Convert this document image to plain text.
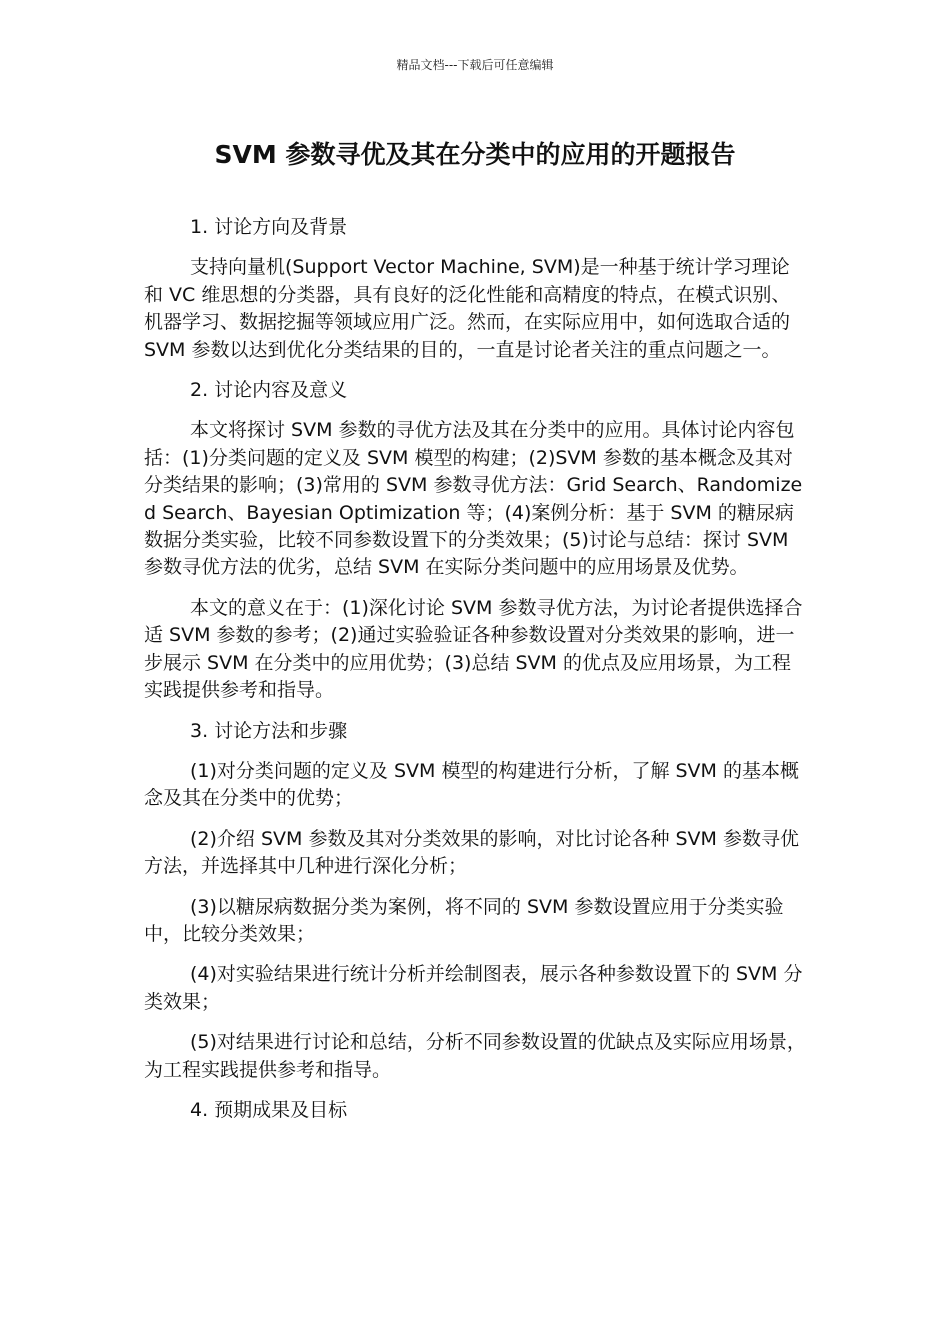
精品文档---下载后可任意编辑
SVM 参数寻优及其在分类中的应用的开题报告

1. 讨论方向及背景

支持向量机(Support Vector Machine, SVM)是一种基于统计学习理论和 VC 维思想的分类器，具有良好的泛化性能和高精度的特点，在模式识别、机器学习、数据挖掘等领域应用广泛。然而，在实际应用中，如何选取合适的 SVM 参数以达到优化分类结果的目的，一直是讨论者关注的重点问题之一。

2. 讨论内容及意义

本文将探讨 SVM 参数的寻优方法及其在分类中的应用。具体讨论内容包括：(1)分类问题的定义及 SVM 模型的构建；(2)SVM 参数的基本概念及其对分类结果的影响；(3)常用的 SVM 参数寻优方法：Grid Search、Randomized Search、Bayesian Optimization 等；(4)案例分析：基于 SVM 的糖尿病数据分类实验，比较不同参数设置下的分类效果；(5)讨论与总结：探讨 SVM 参数寻优方法的优劣，总结 SVM 在实际分类问题中的应用场景及优势。

本文的意义在于：(1)深化讨论 SVM 参数寻优方法，为讨论者提供选择合适 SVM 参数的参考；(2)通过实验验证各种参数设置对分类效果的影响，进一步展示 SVM 在分类中的应用优势；(3)总结 SVM 的优点及应用场景，为工程实践提供参考和指导。

3. 讨论方法和步骤

(1)对分类问题的定义及 SVM 模型的构建进行分析，了解 SVM 的基本概念及其在分类中的优势；

(2)介绍 SVM 参数及其对分类效果的影响，对比讨论各种 SVM 参数寻优方法，并选择其中几种进行深化分析；

(3)以糖尿病数据分类为案例，将不同的 SVM 参数设置应用于分类实验中，比较分类效果；

(4)对实验结果进行统计分析并绘制图表，展示各种参数设置下的 SVM 分类效果；

(5)对结果进行讨论和总结，分析不同参数设置的优缺点及实际应用场景，为工程实践提供参考和指导。

4. 预期成果及目标
